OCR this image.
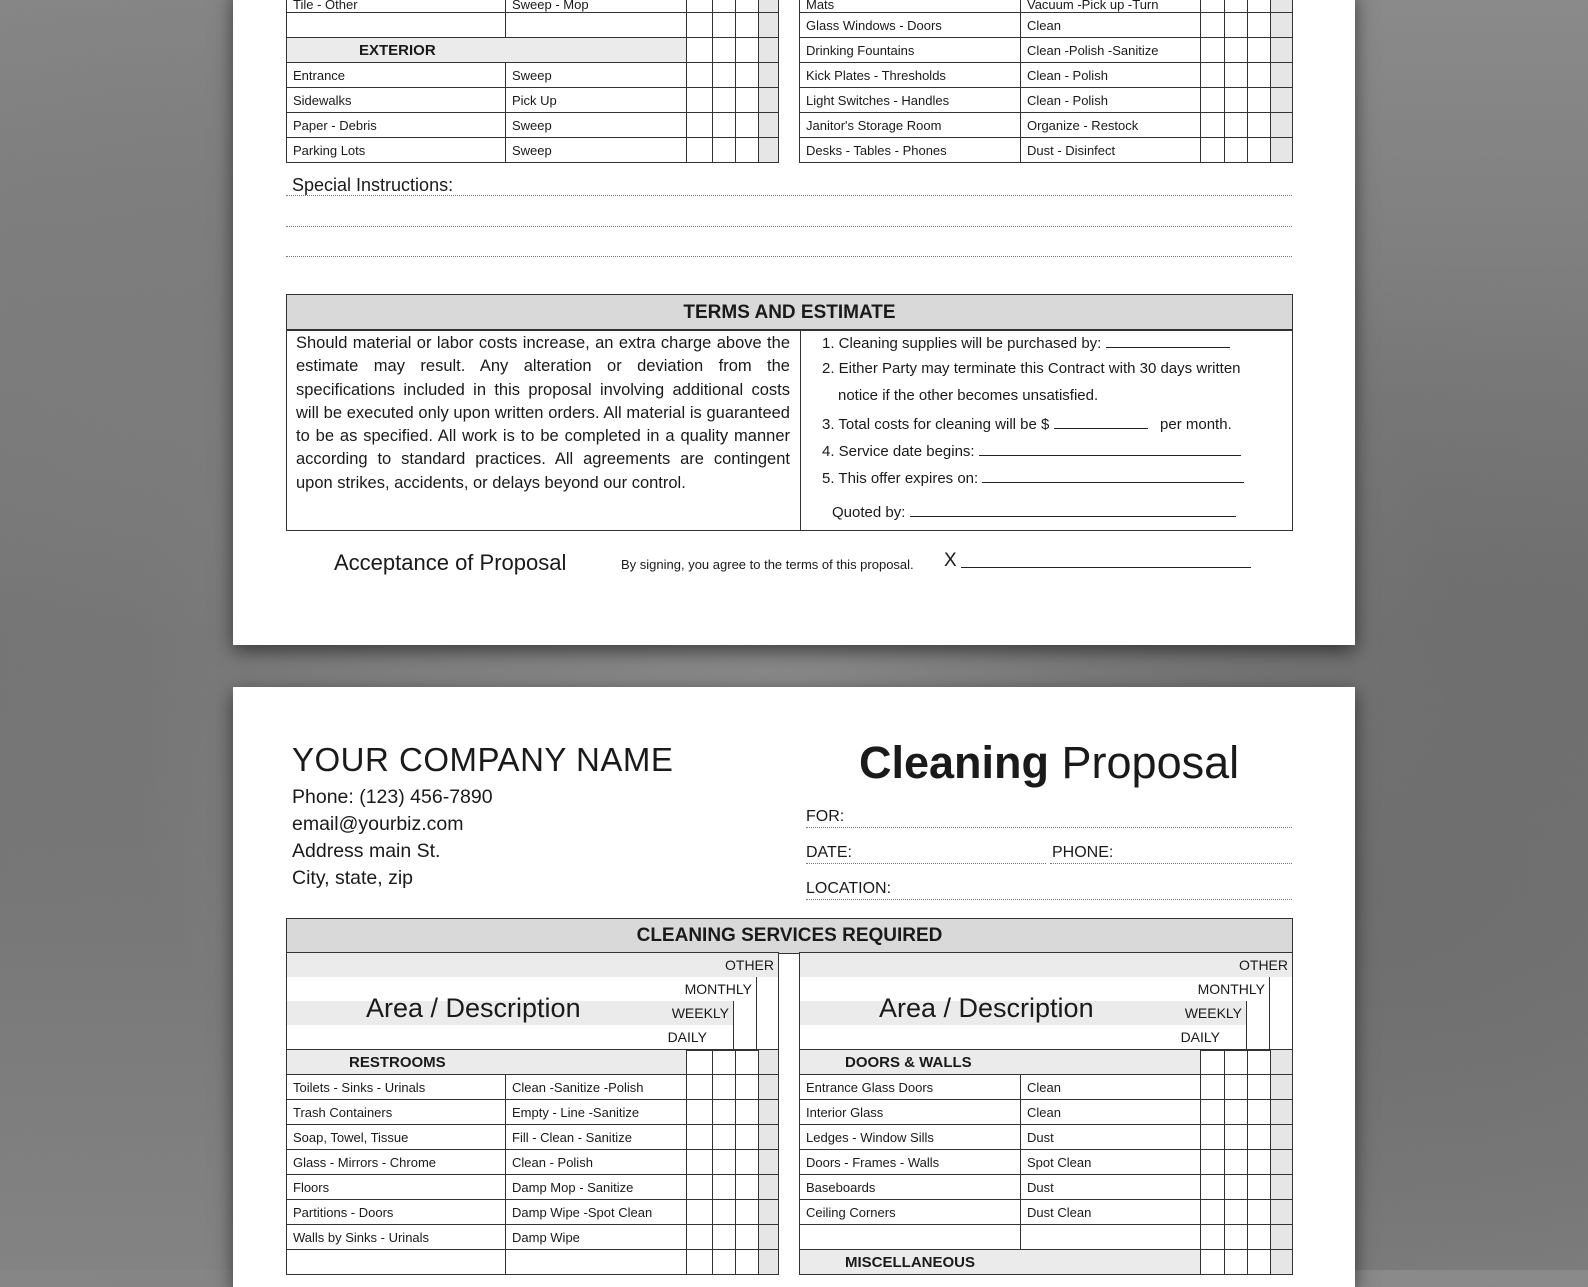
Tile - Other	Sweep - Mop				

EXTERIOR					
Entrance	Sweep				
Sidewalks	Pick Up				
Paper - Debris	Sweep				
Parking Lots	Sweep				
Mats	Vacuum -Pick up -Turn				
Glass Windows - Doors	Clean				
Drinking Fountains	Clean -Polish -Sanitize				
Kick Plates - Thresholds	Clean - Polish				
Light Switches - Handles	Clean - Polish				
Janitor's Storage Room	Organize - Restock				
Desks - Tables - Phones	Dust - Disinfect				
Special Instructions:
TERMS AND ESTIMATE
Should material or labor costs increase, an extra charge above the estimate may result. Any alteration or deviation from the specifications included in this proposal involving additional costs will be executed only upon written orders. All material is guaranteed to be as specified. All work is to be completed in a quality manner according to standard practices. All agreements are contingent upon strikes, accidents, or delays beyond our control.
1. Cleaning supplies will be purchased by:
2. Either Party may terminate this Contract with 30 days written
notice if the other becomes unsatisfied.
3. Total costs for cleaning will be $	per month.
4. Service date begins:
5. This offer expires on:
Quoted by:
Acceptance of Proposal	By signing, you agree to the terms of this proposal. X
YOUR COMPANY NAME
Phone: (123) 456-7890
email@yourbiz.com
Address main St.
City, state, zip
Cleaning Proposal
FOR:
DATE:	PHONE:
LOCATION:
CLEANING SERVICES REQUIRED
OTHER
MONTHLY
WEEKLY
DAILY
Area / Description
OTHER
MONTHLY
WEEKLY
DAILY
Area / Description
RESTROOMS					
Toilets - Sinks - Urinals	Clean -Sanitize -Polish				
Trash Containers	Empty - Line -Sanitize				
Soap, Towel, Tissue	Fill - Clean - Sanitize				
Glass - Mirrors - Chrome	Clean - Polish				
Floors	Damp Mop - Sanitize				
Partitions - Doors	Damp Wipe -Spot Clean				
Walls by Sinks - Urinals	Damp Wipe				

DOORS & WALLS					
Entrance Glass Doors	Clean				
Interior Glass	Clean				
Ledges - Window Sills	Dust				
Doors - Frames - Walls	Spot Clean				
Baseboards	Dust				
Ceiling Corners	Dust Clean				

MISCELLANEOUS					
